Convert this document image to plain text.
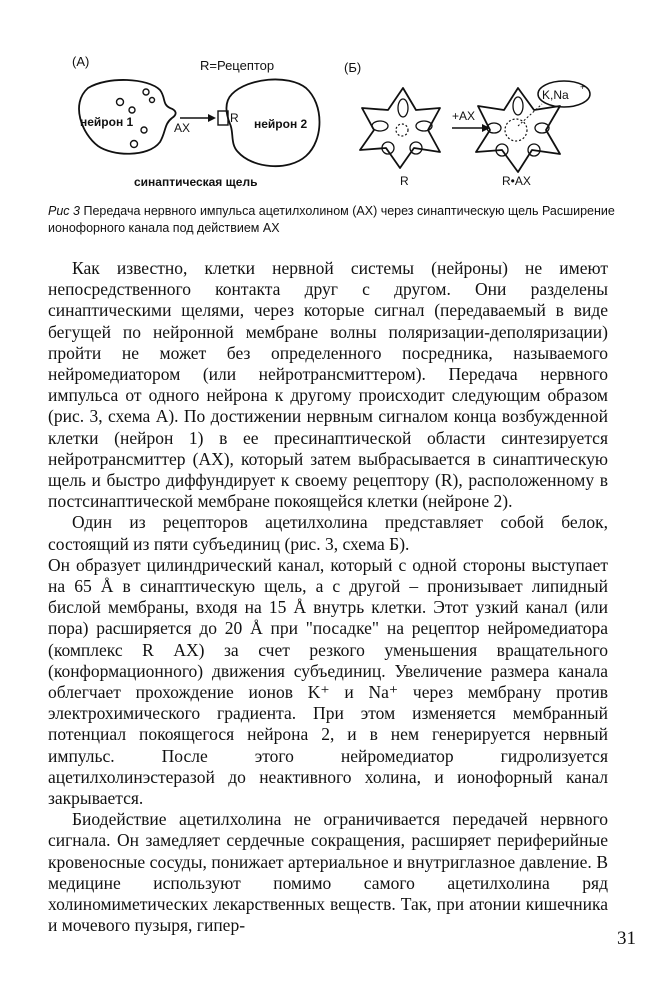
(А)	R=Рецептор
нейрон 1	АХ
R нейрон 2
синаптическая щель
(Б)
R
+АХ
K,Na
+
R•АХ
Рис 3 Передача нервного импульса ацетилхолином (АХ) через синаптическую щель Расширение ионофорного канала под действием АХ

Как известно, клетки нервной системы (нейроны) не имеют непосредственного контакта друг с другом. Они разделены синаптическими щелями, через которые сигнал (передаваемый в виде бегущей по нейронной мембране волны поляризации-деполяризации) пройти не может без определенного посредника, называемого нейромедиатором (или нейротрансмиттером). Передача нервного импульса от одного нейрона к другому происходит следующим образом (рис. 3, схема А). По достижении нервным сигналом конца возбужденной клетки (нейрон 1) в ее пресинаптической области синтезируется нейротрансмиттер (АХ), который затем выбрасывается в синаптическую щель и быстро диффундирует к своему рецептору (R), расположенному в постсинаптической мембране покоящейся клетки (нейроне 2).

Один из рецепторов ацетилхолина представляет собой белок, состоящий из пяти субъединиц (рис. 3, схема Б).

Он образует цилиндрический канал, который с одной стороны выступает на 65 Å в синаптическую щель, а с другой – пронизывает липидный бислой мембраны, входя на 15 Å внутрь клетки. Этот узкий канал (или пора) расширяется до 20 Å при "посадке" на рецептор нейромедиатора (комплекс R АХ) за счет резкого уменьшения вращательного (конформационного) движения субъединиц. Увеличение размера канала облегчает прохождение ионов K⁺ и Na⁺ через мембрану против электрохимического градиента. При этом изменяется мембранный потенциал покоящегося нейрона 2, и в нем генерируется нервный импульс. После этого нейромедиатор гидролизуется ацетилхолинэстеразой до неактивного холина, и ионофорный канал закрывается.

Биодействие ацетилхолина не ограничивается передачей нервного сигнала. Он замедляет сердечные сокращения, расширяет периферийные кровеносные сосуды, понижает артериальное и внутриглазное давление. В медицине используют помимо самого ацетилхолина ряд холиномиметических лекарственных веществ. Так, при атонии кишечника и мочевого пузыря, гипер-

31
